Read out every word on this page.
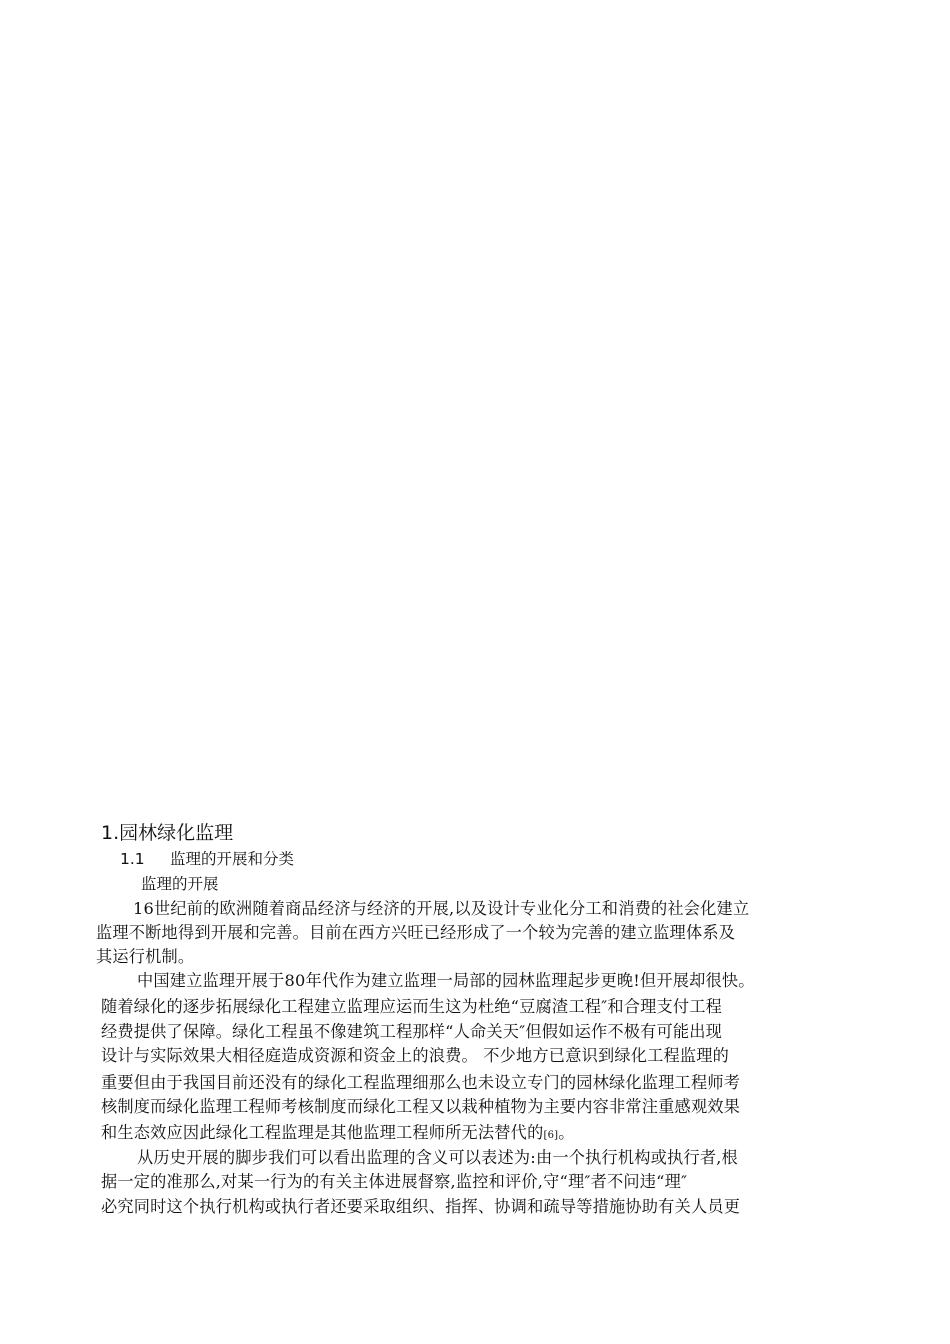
1.园林绿化监理
1.1 监理的开展和分类
监理的开展
16世纪前的欧洲随着商品经济与经济的开展,以及设计专业化分工和消费的社会化建立
监理不断地得到开展和完善。目前在西方兴旺已经形成了一个较为完善的建立监理体系及
其运行机制。
中国建立监理开展于80年代作为建立监理一局部的园林监理起步更晚!但开展却很快。
随着绿化的逐步拓展绿化工程建立监理应运而生这为杜绝“豆腐渣工程″和合理支付工程
经费提供了保障。绿化工程虽不像建筑工程那样“人命关天″但假如运作不极有可能出现
设计与实际效果大相径庭造成资源和资金上的浪费。 不少地方已意识到绿化工程监理的
重要但由于我国目前还没有的绿化工程监理细那么也未设立专门的园林绿化监理工程师考
核制度而绿化监理工程师考核制度而绿化工程又以栽种植物为主要内容非常注重感观效果
和生态效应因此绿化工程监理是其他监理工程师所无法替代的[6]。
从历史开展的脚步我们可以看出监理的含义可以表述为:由一个执行机构或执行者,根
据一定的准那么,对某一行为的有关主体进展督察,监控和评价,守“理″者不问违“理″
必究同时这个执行机构或执行者还要采取组织、指挥、协调和疏导等措施协助有关人员更
